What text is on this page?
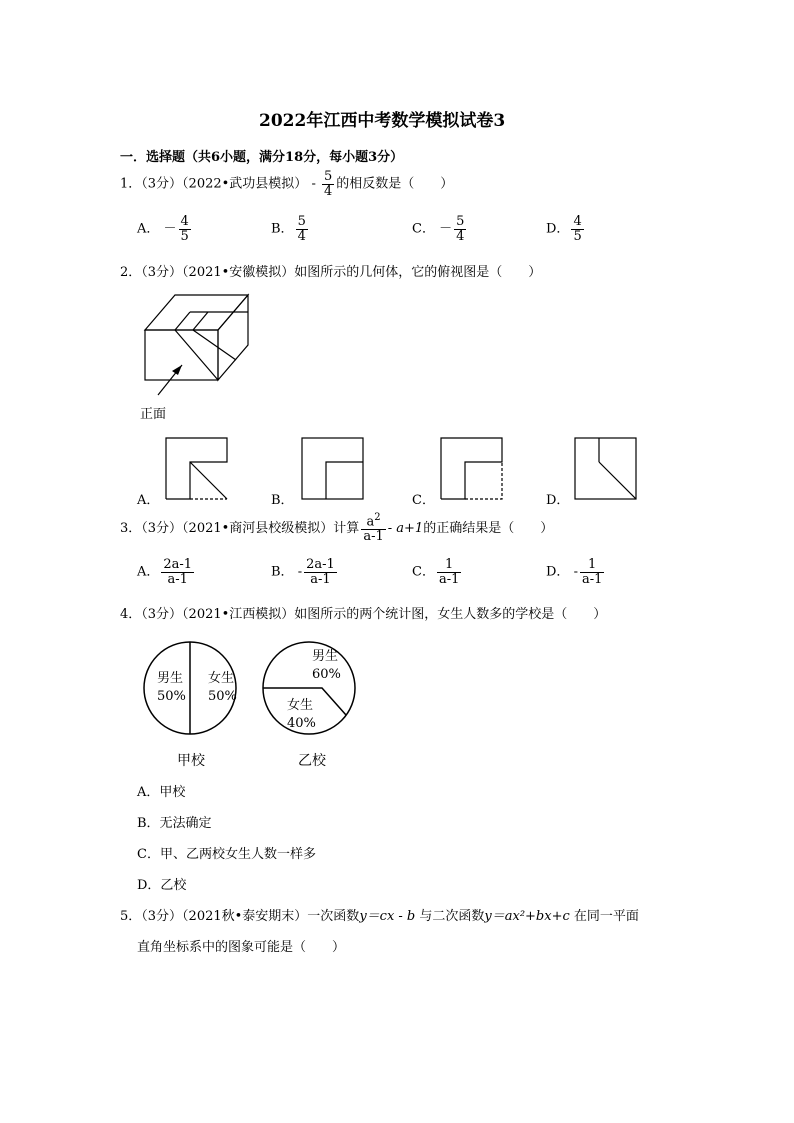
2022年江西中考数学模拟试卷3
一．选择题（共6小题，满分18分，每小题3分）
1．（3分）（2022•武功县模拟） - $\frac{5}{4}$ 的相反数是（　　）
A． － $\frac{4}{5}$	B． $\frac{5}{4}$	C． － $\frac{5}{4}$	D． $\frac{4}{5}$
2．（3分）（2021•安徽模拟）如图所示的几何体，它的俯视图是（　　）
正面
A．	B．	C．	D．
3．（3分）（2021•商河县校级模拟）计算 $\frac{a^2}{a-1} - a+1$的正确结果是（　　）
A． $\frac{2a-1}{a-1}$	B． - $\frac{2a-1}{a-1}$	C． $\frac{1}{a-1}$	D． - $\frac{1}{a-1}$
4．（3分）（2021•江西模拟）如图所示的两个统计图，女生人数多的学校是（　　）
男生
50%
女生
50%
男生
60%
女生
40%
甲校	乙校
A．甲校
B．无法确定
C．甲、乙两校女生人数一样多
D．乙校
5．（3分）（2021秋•泰安期末）一次函数y＝cx - b 与二次函数y＝ax²+bx+c 在同一平面
直角坐标系中的图象可能是（　　）
